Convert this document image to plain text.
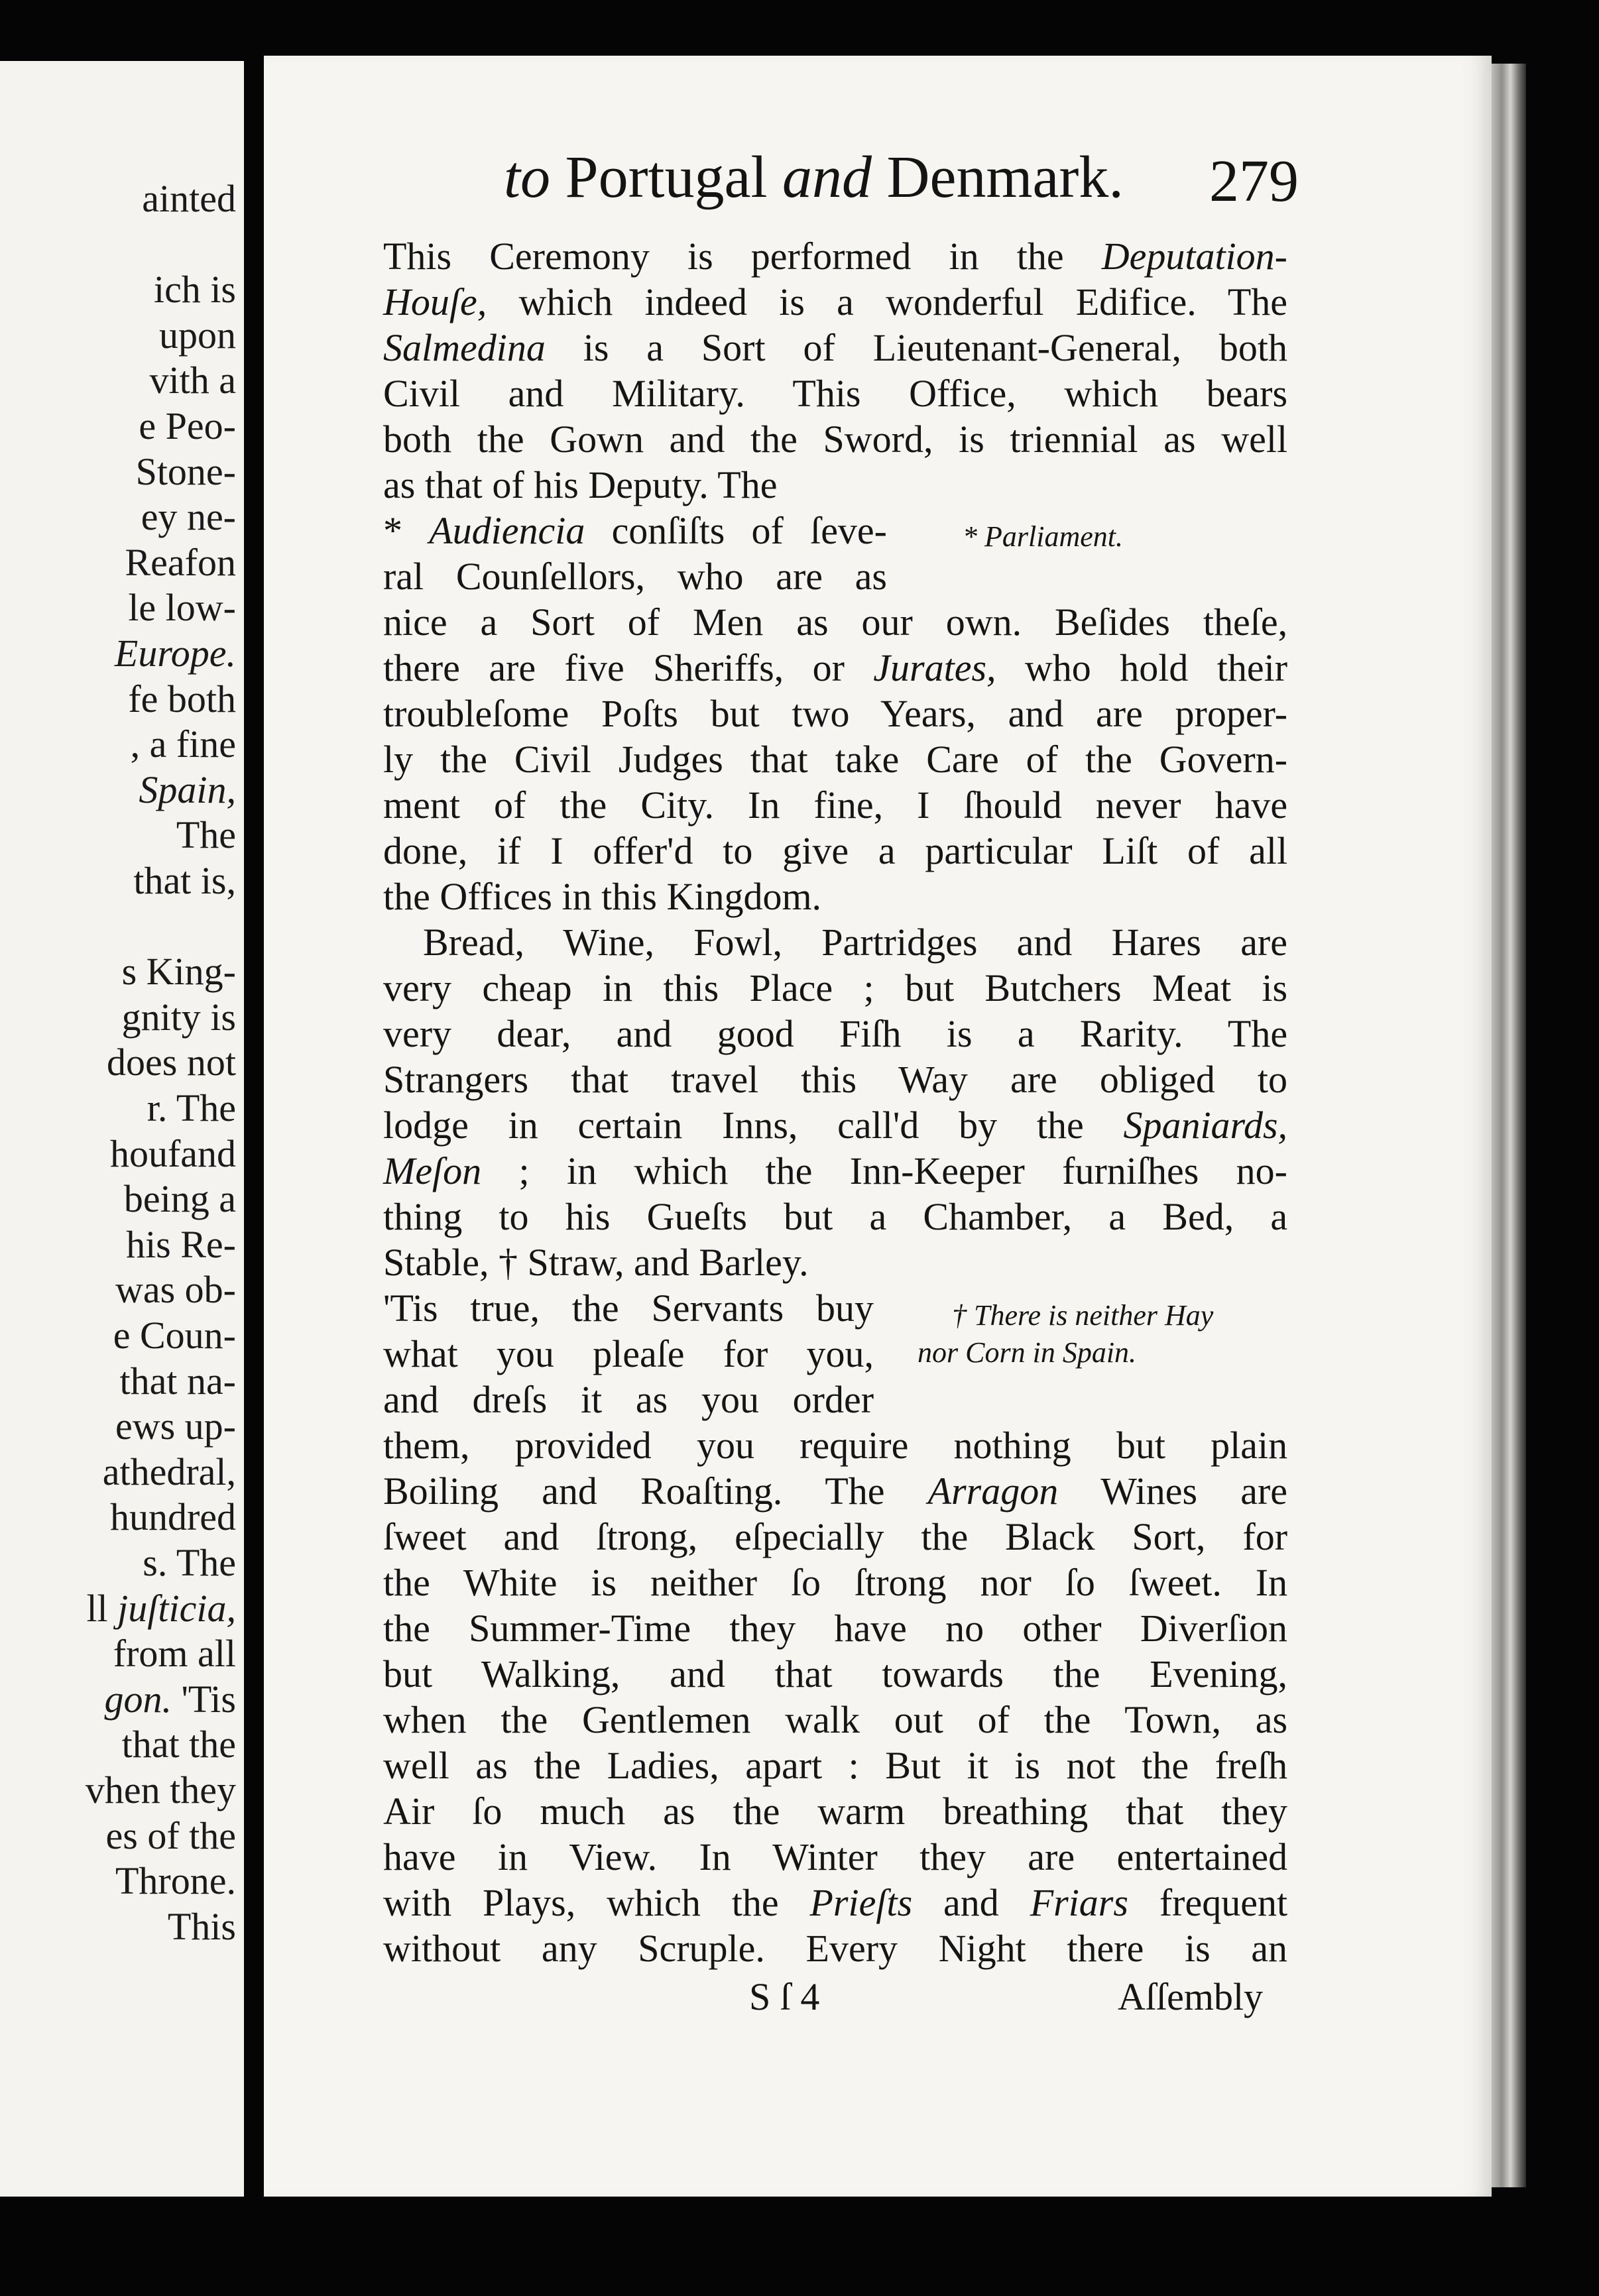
ainted
ich is
upon
vith a
e Peo-
Stone-
ey ne-
Reafon
le low-
Europe.
fe both
, a fine
Spain,
The
that is,
s King-
gnity is
does not
r. The
houfand
being a
his Re-
was ob-
e Coun-
that na-
ews up-
athedral,
hundred
s. The
ll juſticia,
from all
gon. 'Tis
that the
vhen they
es of the
Throne.
This
to Portugal and Denmark. 279
This Ceremony is performed in the Deputation-
Houſe, which indeed is a wonderful Edifice. The
Salmedina is a Sort of Lieutenant-General, both
Civil and Military. This Office, which bears
both the Gown and the Sword, is triennial as well
as that of his Deputy. The
* Audiencia conſiſts of ſeve-
ral Counſellors, who are as
nice a Sort of Men as our own. Beſides theſe,
there are five Sheriffs, or Jurates, who hold their
troubleſome Poſts but two Years, and are proper-
ly the Civil Judges that take Care of the Govern-
ment of the City. In fine, I ſhould never have
done, if I offer'd to give a particular Liſt of all
the Offices in this Kingdom.
* Parliament.
Bread, Wine, Fowl, Partridges and Hares are
very cheap in this Place ; but Butchers Meat is
very dear, and good Fiſh is a Rarity. The
Strangers that travel this Way are obliged to
lodge in certain Inns, call'd by the Spaniards,
Meſon ; in which the Inn-Keeper furniſhes no-
thing to his Gueſts but a Chamber, a Bed, a
Stable, † Straw, and Barley.
'Tis true, the Servants buy
what you pleaſe for you,
and dreſs it as you order
them, provided you require nothing but plain
Boiling and Roaſting. The Arragon Wines are
ſweet and ſtrong, eſpecially the Black Sort, for
the White is neither ſo ſtrong nor ſo ſweet. In
the Summer-Time they have no other Diverſion
but Walking, and that towards the Evening,
when the Gentlemen walk out of the Town, as
well as the Ladies, apart : But it is not the freſh
Air ſo much as the warm breathing that they
have in View. In Winter they are entertained
with Plays, which the Prieſts and Friars frequent
without any Scruple. Every Night there is an
† There is neither Hay
nor Corn in Spain.
S ſ 4	Aſſembly
